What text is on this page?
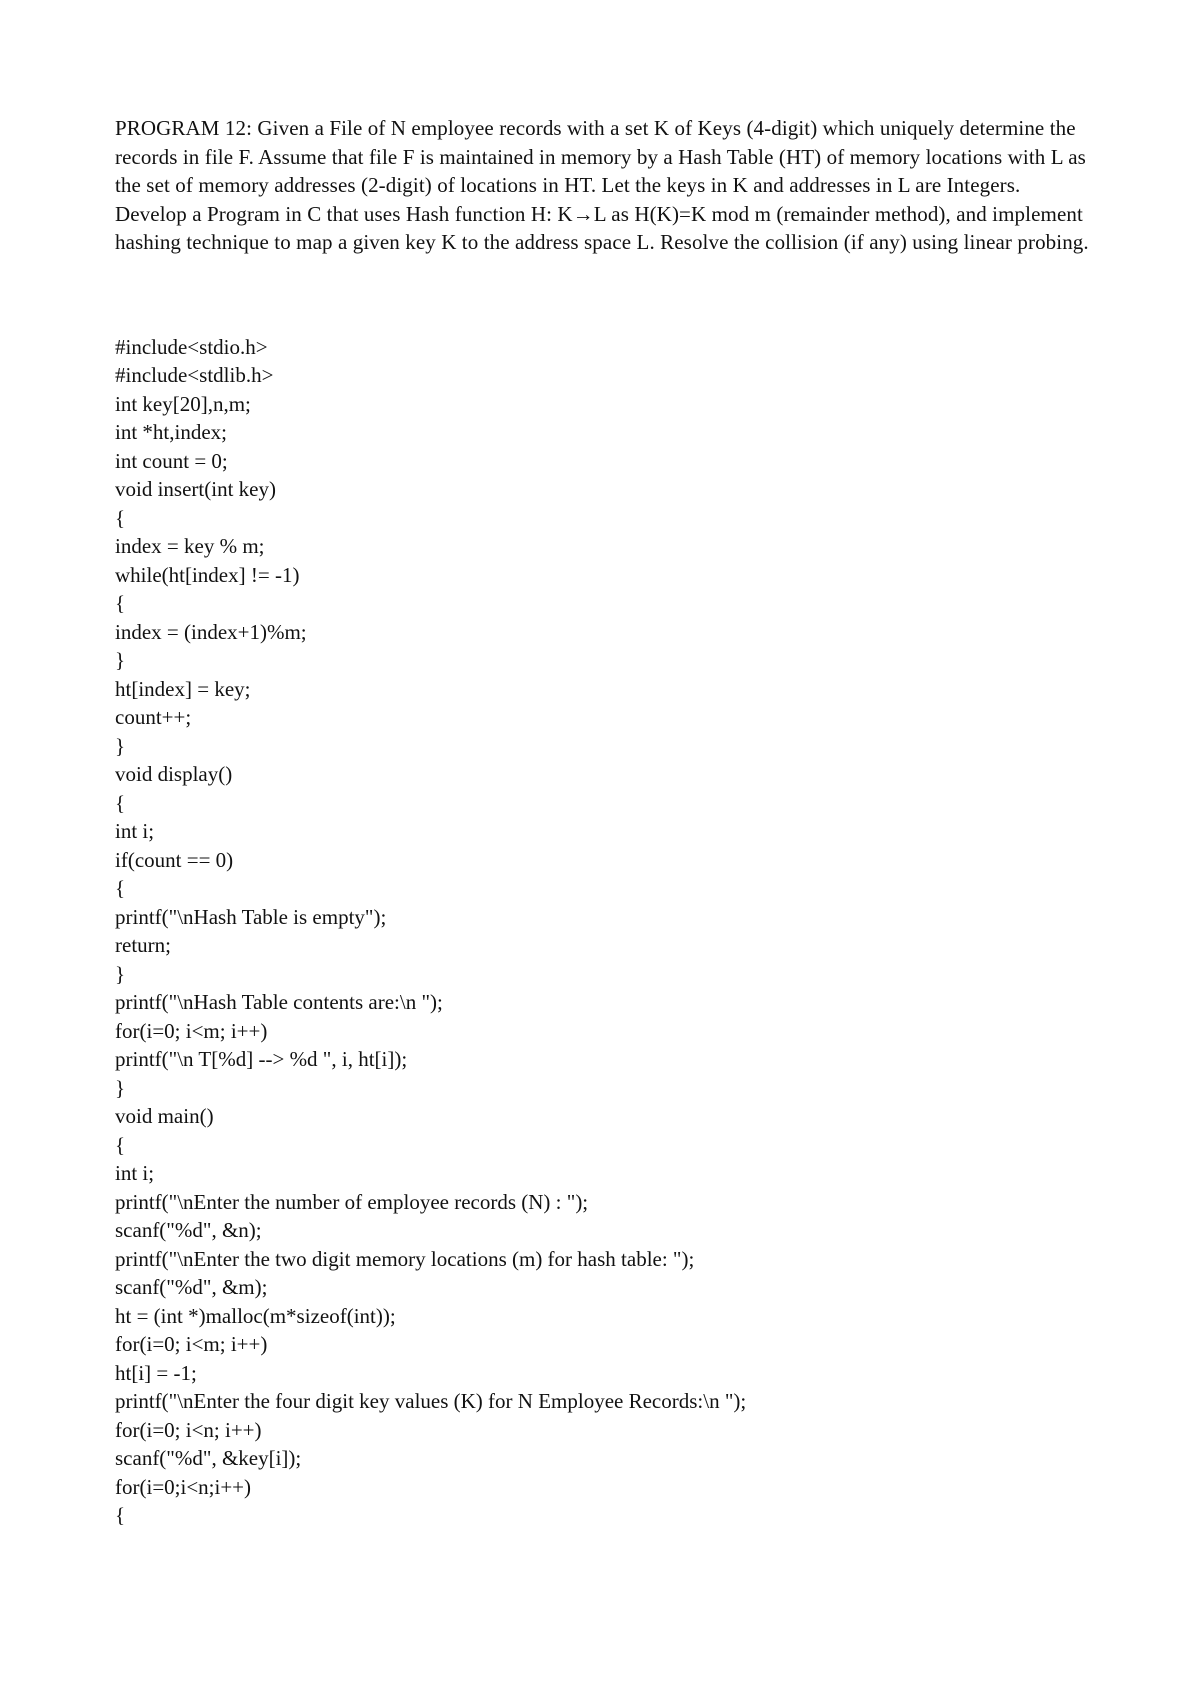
PROGRAM 12: Given a File of N employee records with a set K of Keys (4-digit) which uniquely determine the records in file F. Assume that file F is maintained in memory by a Hash Table (HT) of memory locations with L as the set of memory addresses (2-digit) of locations in HT. Let the keys in K and addresses in L are Integers.

Develop a Program in C that uses Hash function H: K→L as H(K)=K mod m (remainder method), and implement hashing technique to map a given key K to the address space L. Resolve the collision (if any) using linear probing.

#include<stdio.h>
#include<stdlib.h>
int key[20],n,m;
int *ht,index;
int count = 0;
void insert(int key)
{
index = key % m;
while(ht[index] != -1)
{
index = (index+1)%m;
}
ht[index] = key;
count++;
}
void display()
{
int i;
if(count == 0)
{
printf("\nHash Table is empty");
return;
}
printf("\nHash Table contents are:\n ");
for(i=0; i<m; i++)
printf("\n T[%d] --> %d ", i, ht[i]);
}
void main()
{
int i;
printf("\nEnter the number of employee records (N) : ");
scanf("%d", &n);
printf("\nEnter the two digit memory locations (m) for hash table: ");
scanf("%d", &m);
ht = (int *)malloc(m*sizeof(int));
for(i=0; i<m; i++)
ht[i] = -1;
printf("\nEnter the four digit key values (K) for N Employee Records:\n ");
for(i=0; i<n; i++)
scanf("%d", &key[i]);
for(i=0;i<n;i++)
{
